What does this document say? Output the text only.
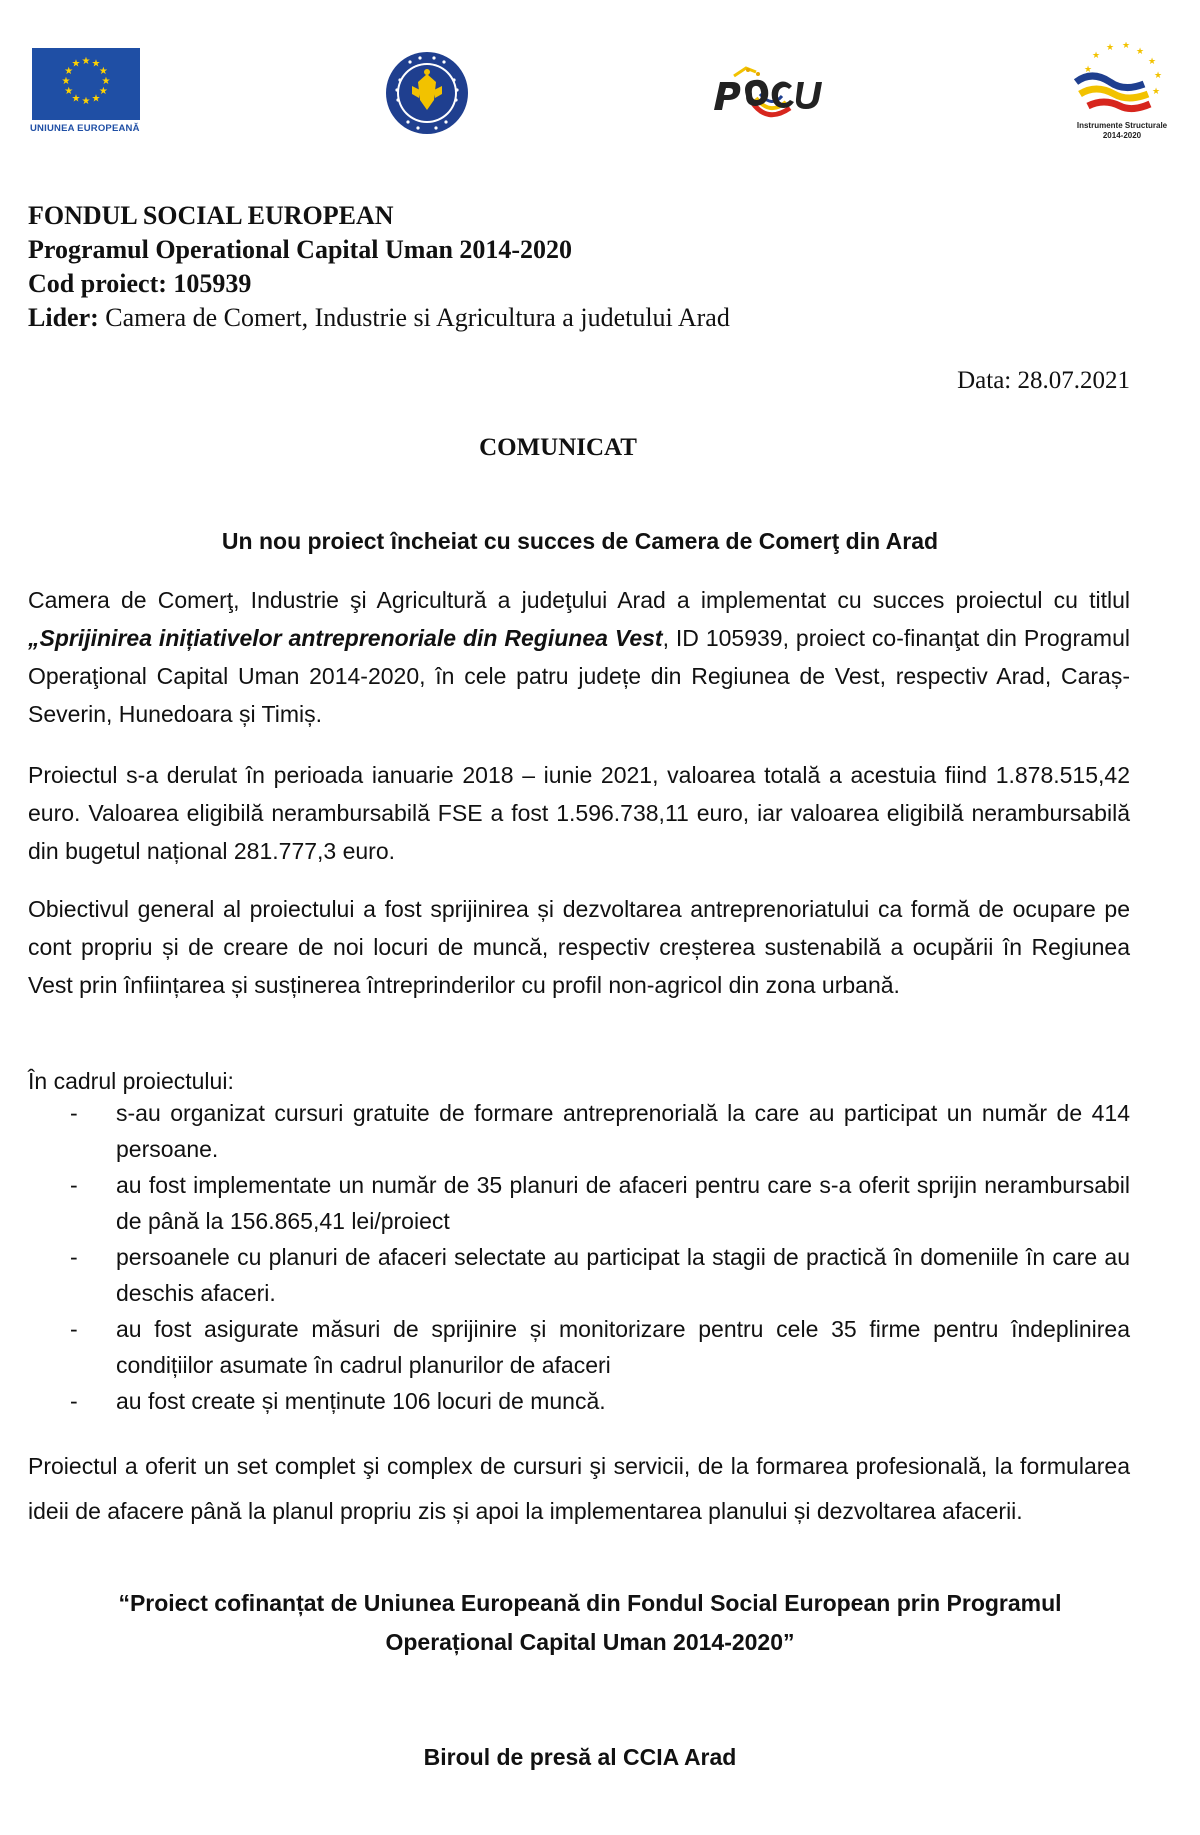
★ ★
★
★
★
★
★
★
★
★
★
★
UNIUNEA EUROPEANĂ
★
★
★ ★
★
★
★
★
Instrumente Structurale
2014-2020
FONDUL SOCIAL EUROPEAN
Programul Operational Capital Uman 2014-2020
Cod proiect: 105939
Lider: Camera de Comert, Industrie si Agricultura a judetului Arad
Data: 28.07.2021
COMUNICAT
Un nou proiect încheiat cu succes de Camera de Comerţ din Arad
Camera de Comerţ, Industrie şi Agricultură a judeţului Arad a implementat cu succes proiectul cu titlul „Sprijinirea inițiativelor antreprenoriale din Regiunea Vest, ID 105939, proiect co-finanţat din Programul Operaţional Capital Uman 2014-2020, în cele patru județe din Regiunea de Vest, respectiv Arad, Caraș-Severin, Hunedoara și Timiș.
Proiectul s-a derulat în perioada ianuarie 2018 – iunie 2021, valoarea totală a acestuia fiind 1.878.515,42 euro. Valoarea eligibilă nerambursabilă FSE a fost 1.596.738,11 euro, iar valoarea eligibilă nerambursabilă din bugetul național 281.777,3 euro.
Obiectivul general al proiectului a fost sprijinirea și dezvoltarea antreprenoriatului ca formă de ocupare pe cont propriu și de creare de noi locuri de muncă, respectiv creșterea sustenabilă a ocupării în Regiunea Vest prin înființarea și susținerea întreprinderilor cu profil non-agricol din zona urbană.
În cadrul proiectului:
- s-au organizat cursuri gratuite de formare antreprenorială la care au participat un număr de 414 persoane.
- au fost implementate un număr de 35 planuri de afaceri pentru care s-a oferit sprijin nerambursabil de până la 156.865,41 lei/proiect
- persoanele cu planuri de afaceri selectate au participat la stagii de practică în domeniile în care au deschis afaceri.
- au fost asigurate măsuri de sprijinire și monitorizare pentru cele 35 firme pentru îndeplinirea condițiilor asumate în cadrul planurilor de afaceri
- au fost create și menținute 106 locuri de muncă.
Proiectul a oferit un set complet şi complex de cursuri şi servicii, de la formarea profesională, la formularea ideii de afacere până la planul propriu zis și apoi la implementarea planului și dezvoltarea afacerii.
“Proiect cofinanțat de Uniunea Europeană din Fondul Social European prin Programul
Operațional Capital Uman 2014-2020”
Biroul de presă al CCIA Arad
